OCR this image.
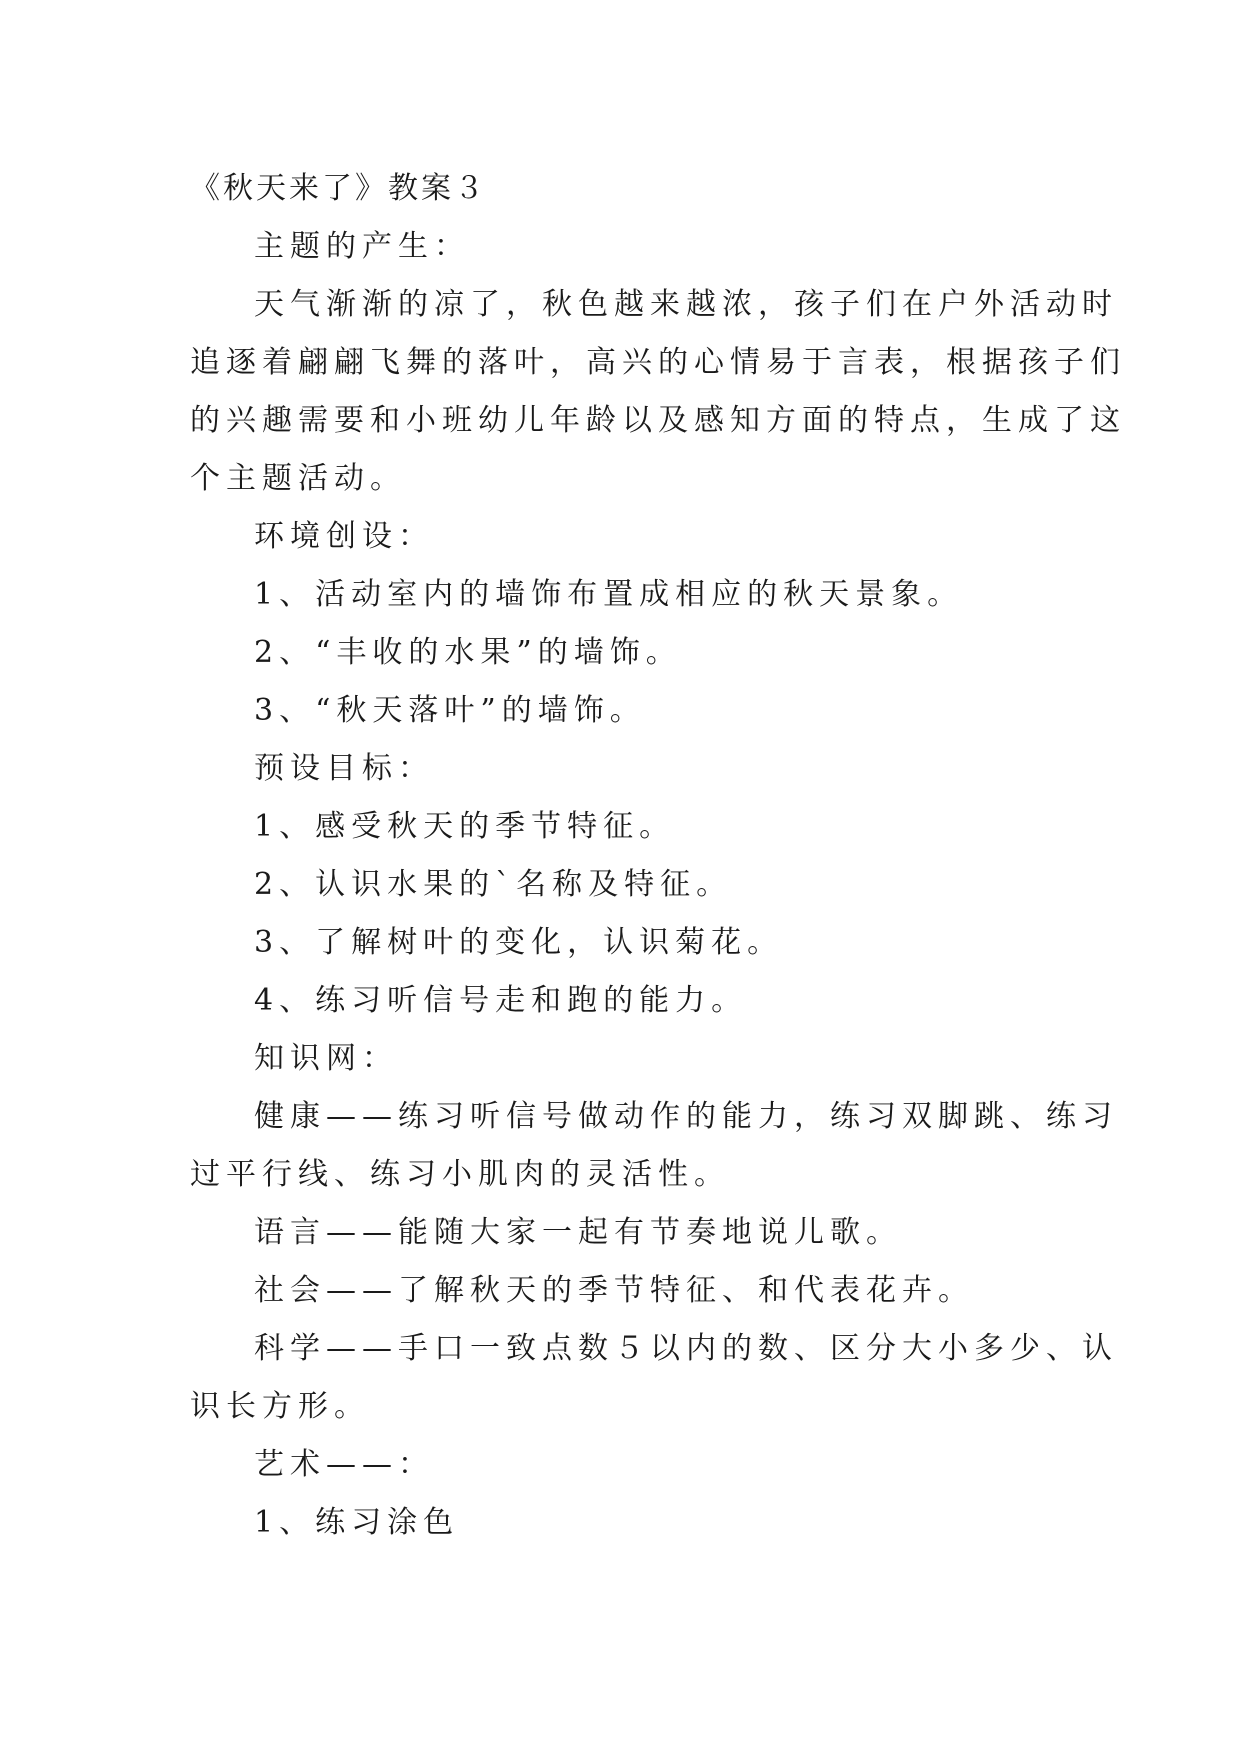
《秋天来了》教案３
主题的产生：
天气渐渐的凉了，秋色越来越浓，孩子们在户外活动时
追逐着翩翩飞舞的落叶，高兴的心情易于言表，根据孩子们
的兴趣需要和小班幼儿年龄以及感知方面的特点，生成了这
个主题活动。
环境创设：
1、活动室内的墙饰布置成相应的秋天景象。
2、“丰收的水果”的墙饰。
3、“秋天落叶”的墙饰。
预设目标：
1、感受秋天的季节特征。
2、认识水果的`名称及特征。
3、了解树叶的变化，认识菊花。
4、练习听信号走和跑的能力。
知识网：
健康——练习听信号做动作的能力，练习双脚跳、练习
过平行线、练习小肌肉的灵活性。
语言——能随大家一起有节奏地说儿歌。
社会——了解秋天的季节特征、和代表花卉。
科学——手口一致点数５以内的数、区分大小多少、认
识长方形。
艺术——：
1、练习涂色
